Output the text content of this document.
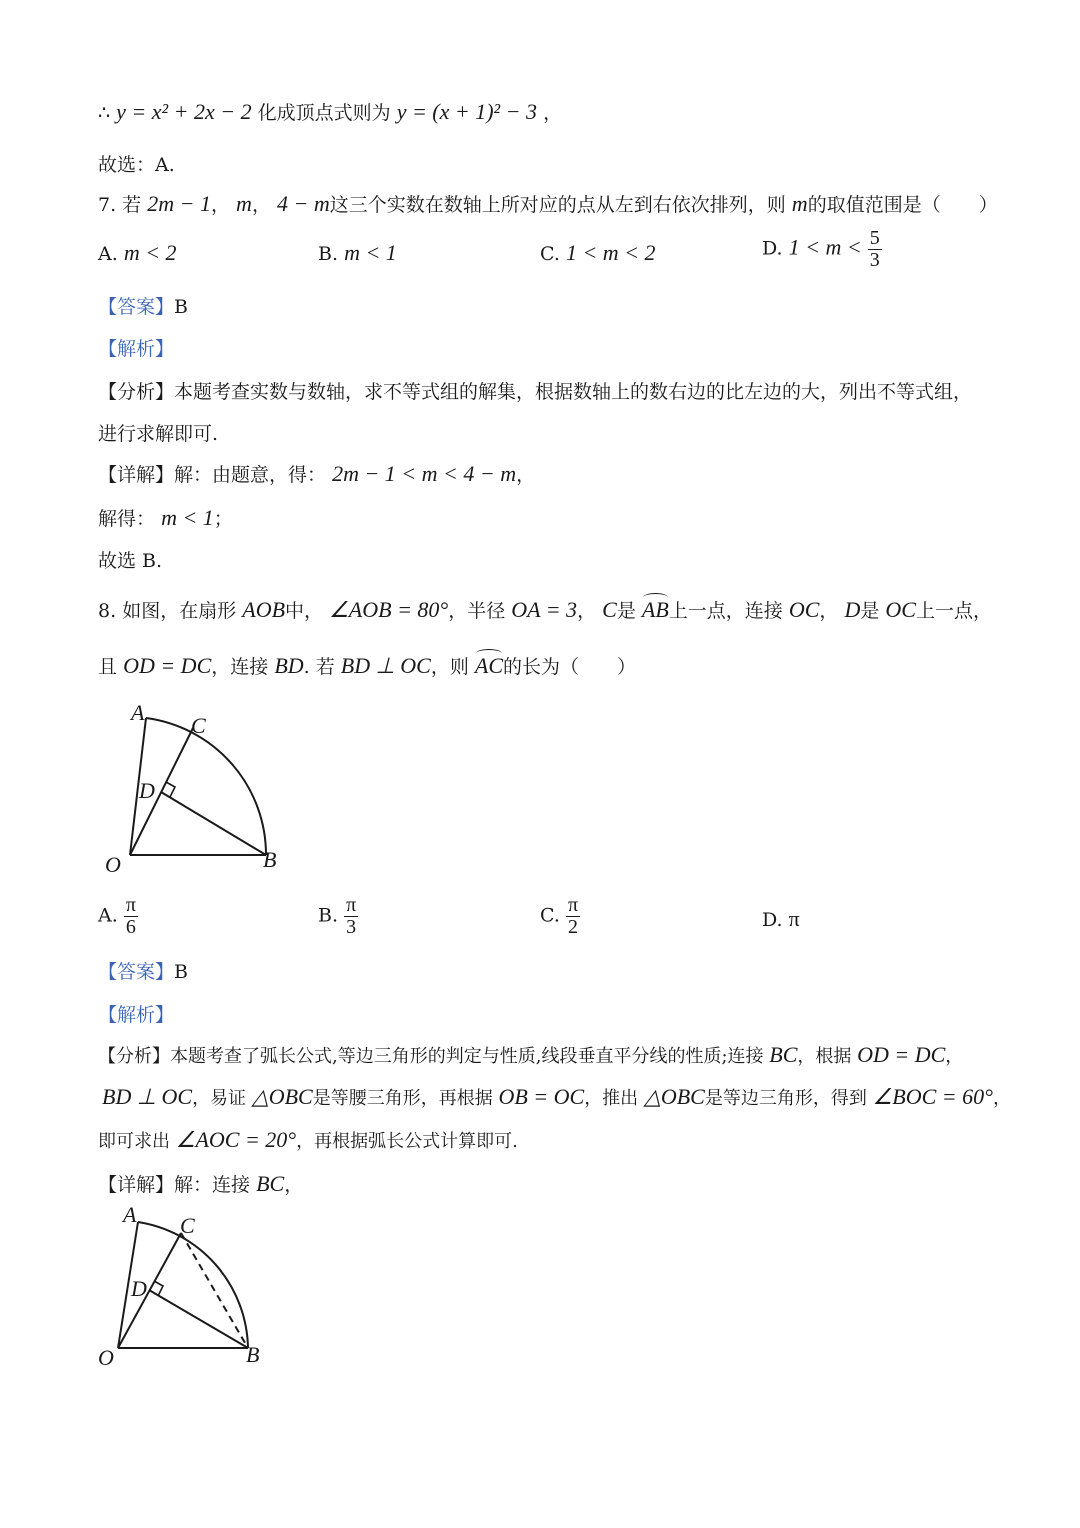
∴ y = x² + 2x − 2 化成顶点式则为 y = (x + 1)² − 3 ，
故选：A.
7. 若 2m − 1， m， 4 − m这三个实数在数轴上所对应的点从左到右依次排列，则 m的取值范围是（　　）
A. m < 2	B. m < 1	C. 1 < m < 2	D. $1 < m < \frac{5}{3}$
【答案】B
【解析】
【分析】本题考查实数与数轴，求不等式组的解集，根据数轴上的数右边的比左边的大，列出不等式组，
进行求解即可.
【详解】解：由题意，得： 2m − 1 < m < 4 − m，
解得： m < 1；
故选 B.
8. 如图，在扇形 AOB中， ∠AOB = 80°，半径 OA = 3， C是 AB上一点，连接 OC， D是 OC上一点，
且 OD = DC，连接 BD. 若 BD ⊥ OC，则 AC的长为（　　）
A
C
D
O	B
A. $\frac{\pi}{6}$	B. $\frac{\pi}{3}$	C. $\frac{\pi}{2}$	D. π
【答案】B
【解析】
【分析】本题考查了弧长公式,等边三角形的判定与性质,线段垂直平分线的性质;连接 BC，根据 OD = DC，
BD ⊥ OC，易证 △OBC是等腰三角形，再根据 OB = OC，推出 △OBC是等边三角形，得到 ∠BOC = 60°，
即可求出 ∠AOC = 20°，再根据弧长公式计算即可.
【详解】解：连接 BC，
A C
D
O	B
